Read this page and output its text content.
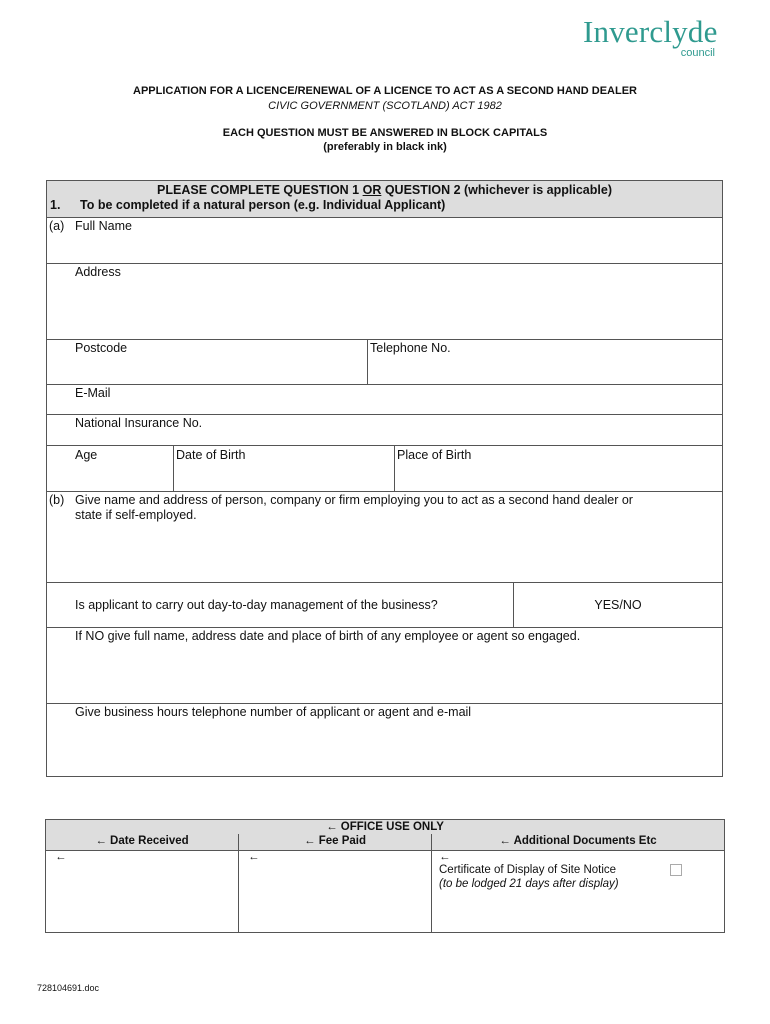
Inverclyde
council
APPLICATION FOR A LICENCE/RENEWAL OF A LICENCE TO ACT AS A SECOND HAND DEALER
CIVIC GOVERNMENT (SCOTLAND) ACT 1982
EACH QUESTION MUST BE ANSWERED IN BLOCK CAPITALS
(preferably in black ink)
PLEASE COMPLETE QUESTION 1 OR QUESTION 2 (whichever is applicable)
1. To be completed if a natural person (e.g. Individual Applicant)
(a) Full Name
Address
Postcode	Telephone No.
E-Mail
National Insurance No.
Age	Date of Birth	Place of Birth
(b) Give name and address of person, company or firm employing you to act as a second hand dealer or
state if self-employed.
Is applicant to carry out day-to-day management of the business?	YES/NO
If NO give full name, address date and place of birth of any employee or agent so engaged.
Give business hours telephone number of applicant or agent and e-mail
← OFFICE USE ONLY
← Date Received	← Fee Paid	← Additional Documents Etc
←	←	←
Certificate of Display of Site Notice
(to be lodged 21 days after display)
728104691.doc
